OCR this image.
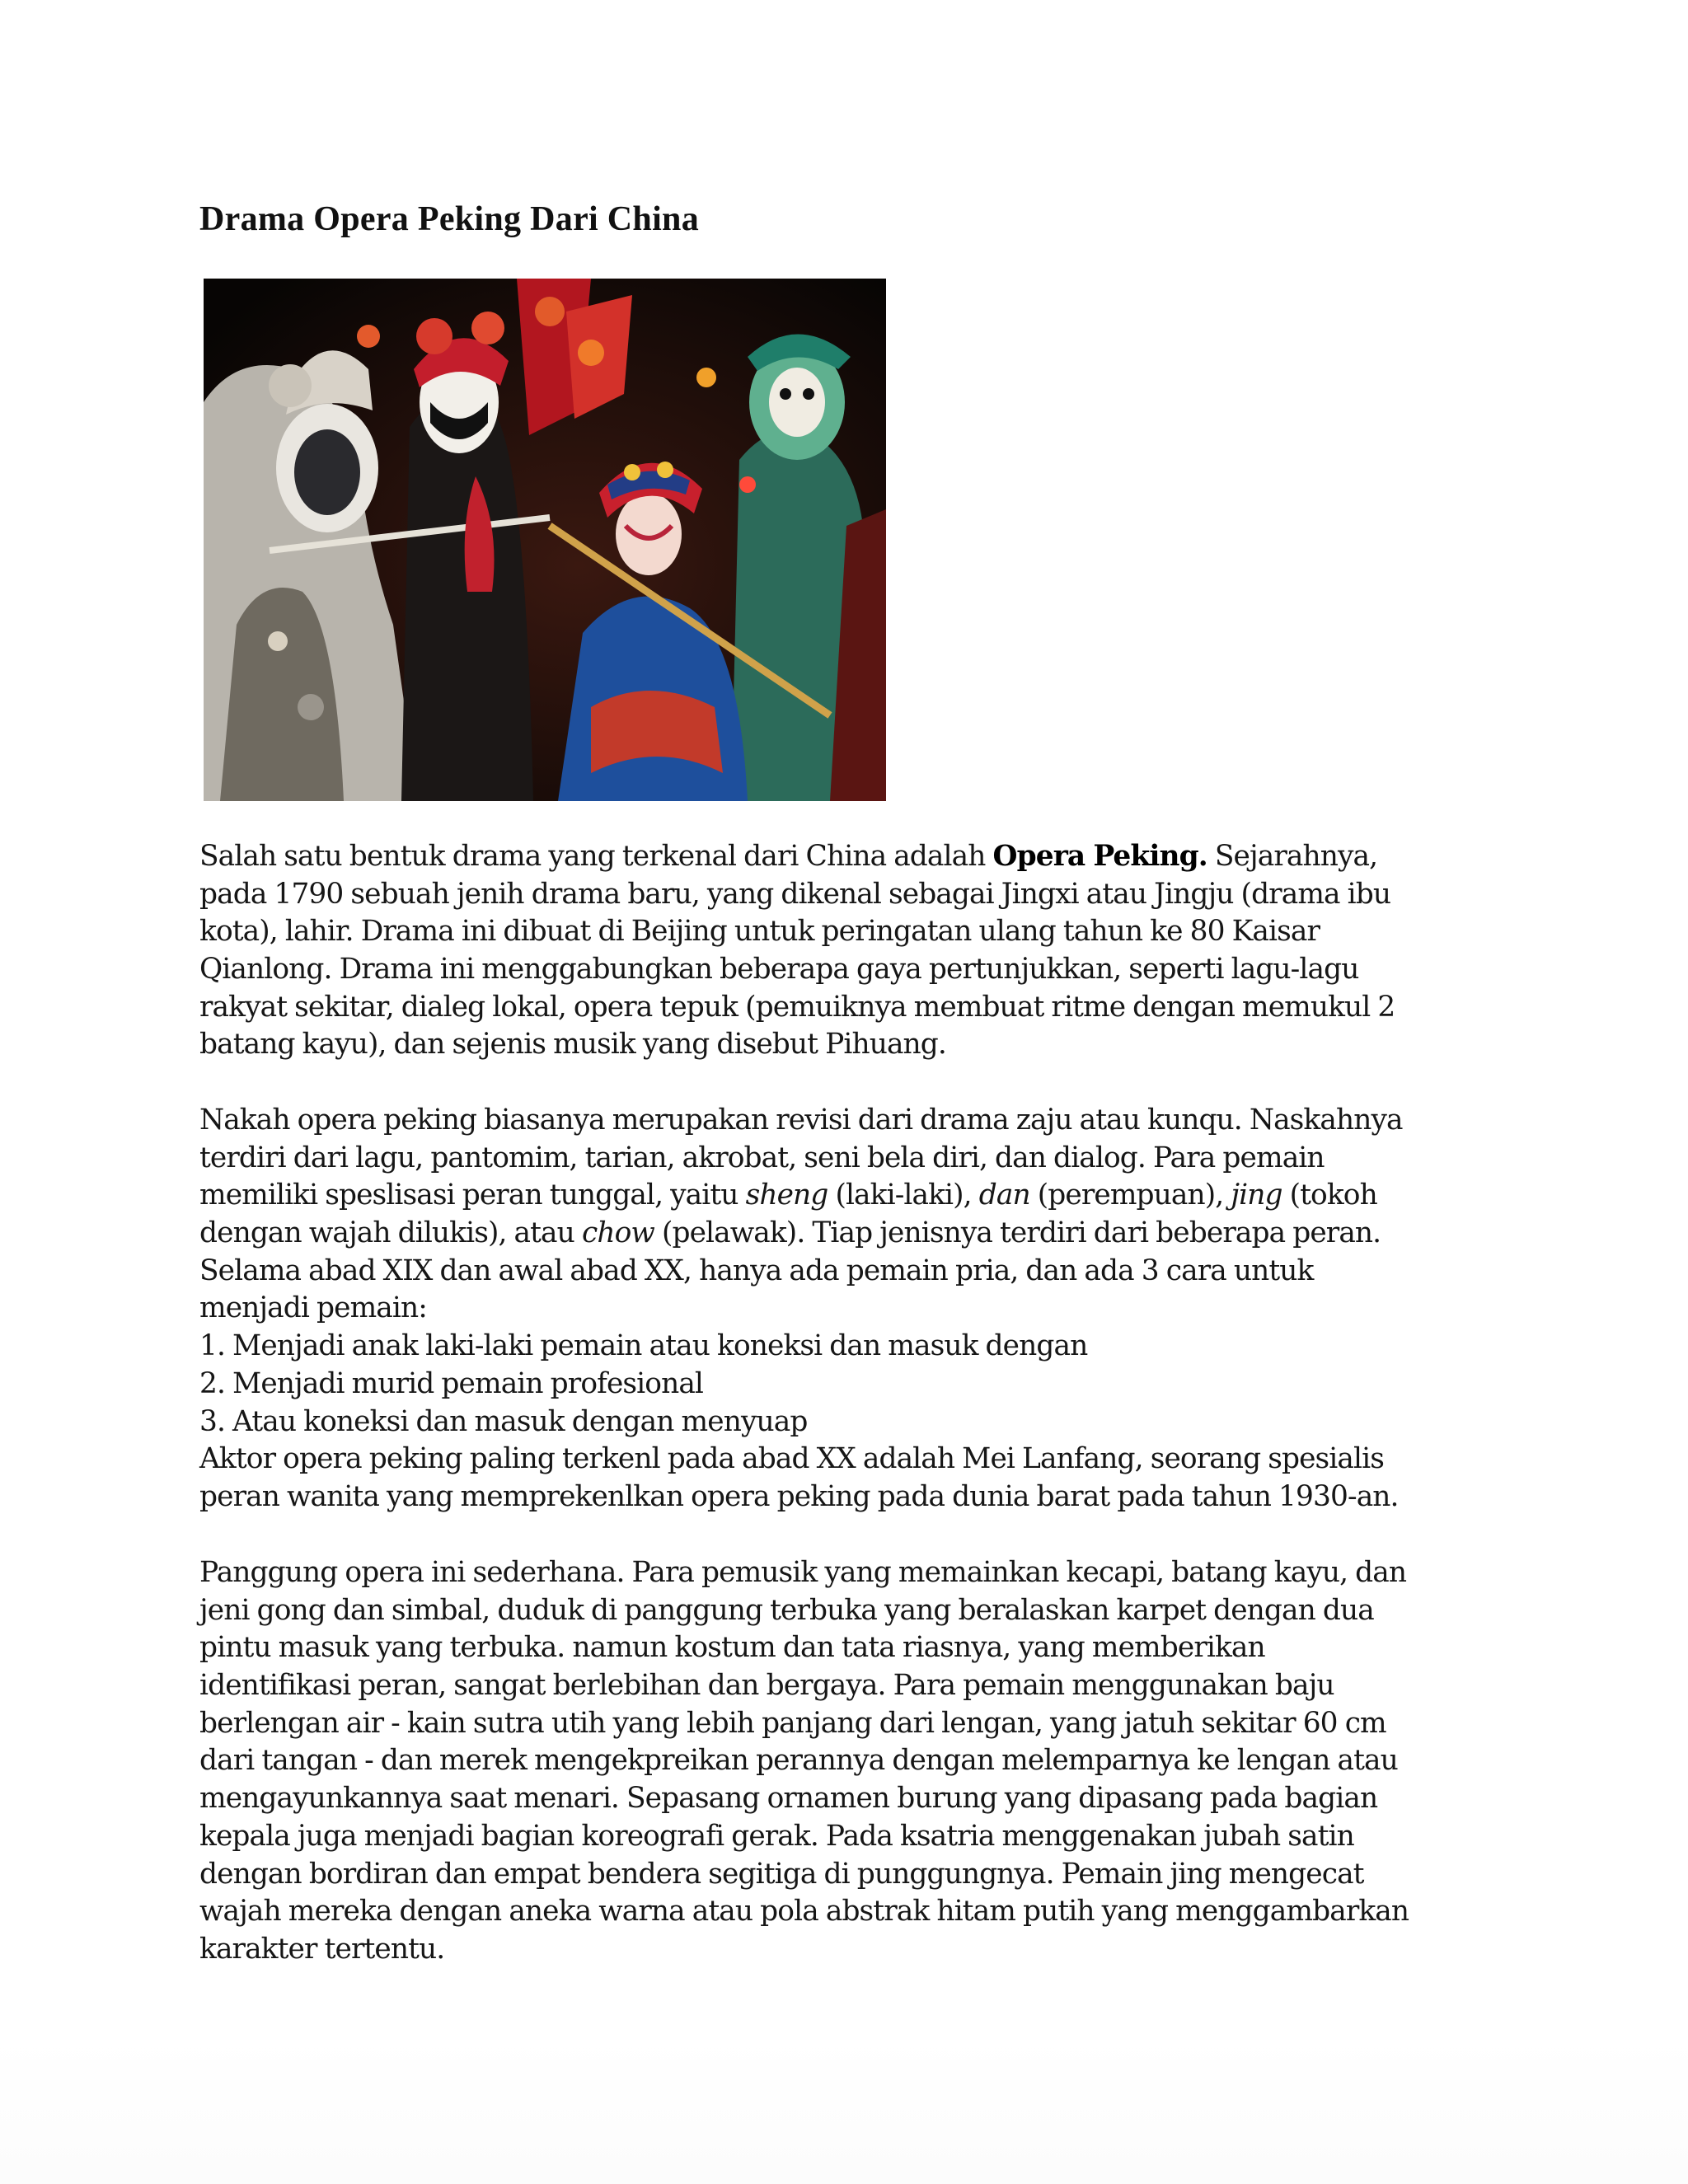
Drama Opera Peking Dari China
Salah satu bentuk drama yang terkenal dari China adalah Opera Peking. Sejarahnya,
pada 1790 sebuah jenih drama baru, yang dikenal sebagai Jingxi atau Jingju (drama ibu
kota), lahir. Drama ini dibuat di Beijing untuk peringatan ulang tahun ke 80 Kaisar
Qianlong. Drama ini menggabungkan beberapa gaya pertunjukkan, seperti lagu-lagu
rakyat sekitar, dialeg lokal, opera tepuk (pemuiknya membuat ritme dengan memukul 2
batang kayu), dan sejenis musik yang disebut Pihuang.
Nakah opera peking biasanya merupakan revisi dari drama zaju atau kunqu. Naskahnya
terdiri dari lagu, pantomim, tarian, akrobat, seni bela diri, dan dialog. Para pemain
memiliki speslisasi peran tunggal, yaitu sheng (laki-laki), dan (perempuan), jing (tokoh
dengan wajah dilukis), atau chow (pelawak). Tiap jenisnya terdiri dari beberapa peran.
Selama abad XIX dan awal abad XX, hanya ada pemain pria, dan ada 3 cara untuk
menjadi pemain:
1. Menjadi anak laki-laki pemain atau koneksi dan masuk dengan
2. Menjadi murid pemain profesional
3. Atau koneksi dan masuk dengan menyuap
Aktor opera peking paling terkenl pada abad XX adalah Mei Lanfang, seorang spesialis
peran wanita yang memprekenlkan opera peking pada dunia barat pada tahun 1930-an.
Panggung opera ini sederhana. Para pemusik yang memainkan kecapi, batang kayu, dan
jeni gong dan simbal, duduk di panggung terbuka yang beralaskan karpet dengan dua
pintu masuk yang terbuka. namun kostum dan tata riasnya, yang memberikan
identifikasi peran, sangat berlebihan dan bergaya. Para pemain menggunakan baju
berlengan air - kain sutra utih yang lebih panjang dari lengan, yang jatuh sekitar 60 cm
dari tangan - dan merek mengekpreikan perannya dengan melemparnya ke lengan atau
mengayunkannya saat menari. Sepasang ornamen burung yang dipasang pada bagian
kepala juga menjadi bagian koreografi gerak. Pada ksatria menggenakan jubah satin
dengan bordiran dan empat bendera segitiga di punggungnya. Pemain jing mengecat
wajah mereka dengan aneka warna atau pola abstrak hitam putih yang menggambarkan
karakter tertentu.
